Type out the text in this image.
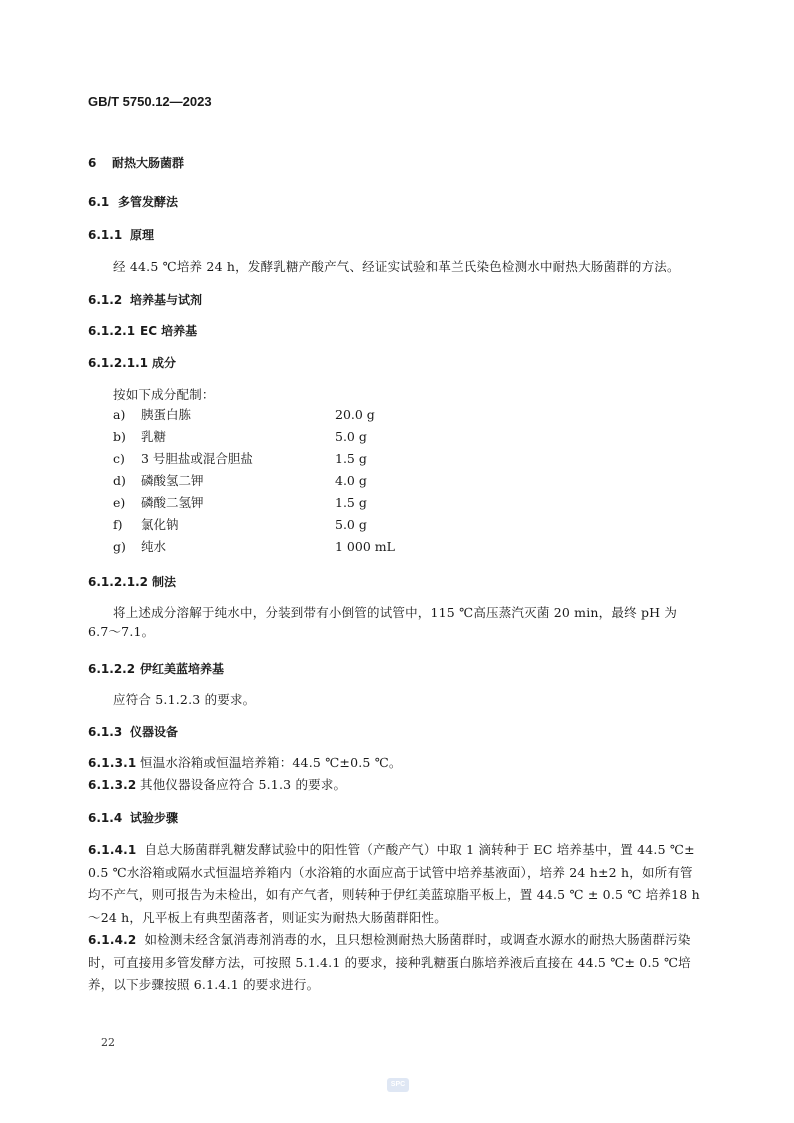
GB/T 5750.12—2023
6 耐热大肠菌群
6.1 多管发酵法
6.1.1 原理
经 44.5 ℃培养 24 h，发酵乳糖产酸产气、经证实试验和革兰氏染色检测水中耐热大肠菌群的方法。
6.1.2 培养基与试剂
6.1.2.1 EC 培养基
6.1.2.1.1 成分
按如下成分配制：
a)	胰蛋白胨	20.0 g
b)	乳糖	5.0 g
c)	3 号胆盐或混合胆盐	1.5 g
d)	磷酸氢二钾	4.0 g
e)	磷酸二氢钾	1.5 g
f)	氯化钠	5.0 g
g)	纯水	1 000 mL
6.1.2.1.2 制法
将上述成分溶解于纯水中，分装到带有小倒管的试管中，115 ℃高压蒸汽灭菌 20 min，最终 pH 为 6.7～7.1。
6.1.2.2 伊红美蓝培养基
应符合 5.1.2.3 的要求。
6.1.3 仪器设备
6.1.3.1 恒温水浴箱或恒温培养箱：44.5 ℃±0.5 ℃。
6.1.3.2 其他仪器设备应符合 5.1.3 的要求。
6.1.4 试验步骤
6.1.4.1 自总大肠菌群乳糖发酵试验中的阳性管（产酸产气）中取 1 滴转种于 EC 培养基中，置 44.5 ℃± 0.5 ℃水浴箱或隔水式恒温培养箱内（水浴箱的水面应高于试管中培养基液面），培养 24 h±2 h，如所有管均不产气，则可报告为未检出，如有产气者，则转种于伊红美蓝琼脂平板上，置 44.5 ℃ ± 0.5 ℃ 培养18 h～24 h，凡平板上有典型菌落者，则证实为耐热大肠菌群阳性。
6.1.4.2 如检测未经含氯消毒剂消毒的水，且只想检测耐热大肠菌群时，或调查水源水的耐热大肠菌群污染时，可直接用多管发酵方法，可按照 5.1.4.1 的要求，接种乳糖蛋白胨培养液后直接在 44.5 ℃± 0.5 ℃培养，以下步骤按照 6.1.4.1 的要求进行。
22
SPC
